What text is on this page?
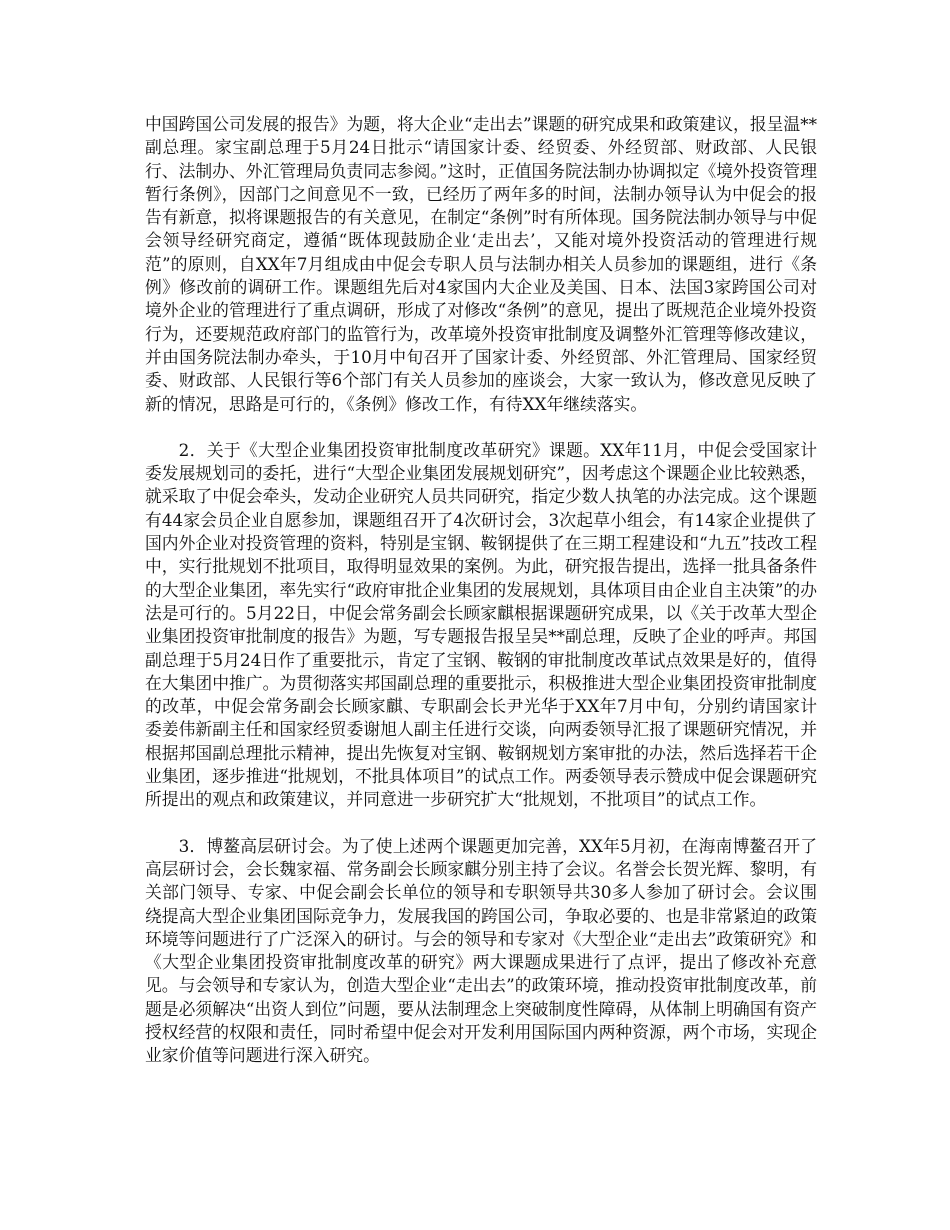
中国跨国公司发展的报告》为题，将大企业“走出去”课题的研究成果和政策建议，报呈温**副总理。家宝副总理于5月24日批示“请国家计委、经贸委、外经贸部、财政部、人民银行、法制办、外汇管理局负责同志参阅。”这时，正值国务院法制办协调拟定《境外投资管理暂行条例》，因部门之间意见不一致，已经历了两年多的时间，法制办领导认为中促会的报告有新意，拟将课题报告的有关意见，在制定“条例”时有所体现。国务院法制办领导与中促会领导经研究商定，遵循“既体现鼓励企业‘走出去’，又能对境外投资活动的管理进行规范”的原则，自XX年7月组成由中促会专职人员与法制办相关人员参加的课题组，进行《条例》修改前的调研工作。课题组先后对4家国内大企业及美国、日本、法国3家跨国公司对境外企业的管理进行了重点调研，形成了对修改“条例”的意见，提出了既规范企业境外投资行为，还要规范政府部门的监管行为，改革境外投资审批制度及调整外汇管理等修改建议，并由国务院法制办牵头，于10月中旬召开了国家计委、外经贸部、外汇管理局、国家经贸委、财政部、人民银行等6个部门有关人员参加的座谈会，大家一致认为，修改意见反映了新的情况，思路是可行的，《条例》修改工作，有待XX年继续落实。

2．关于《大型企业集团投资审批制度改革研究》课题。XX年11月，中促会受国家计委发展规划司的委托，进行“大型企业集团发展规划研究”，因考虑这个课题企业比较熟悉，就采取了中促会牵头，发动企业研究人员共同研究，指定少数人执笔的办法完成。这个课题有44家会员企业自愿参加，课题组召开了4次研讨会，3次起草小组会，有14家企业提供了国内外企业对投资管理的资料，特别是宝钢、鞍钢提供了在三期工程建设和“九五”技改工程中，实行批规划不批项目，取得明显效果的案例。为此，研究报告提出，选择一批具备条件的大型企业集团，率先实行“政府审批企业集团的发展规划，具体项目由企业自主决策”的办法是可行的。5月22日，中促会常务副会长顾家麒根据课题研究成果，以《关于改革大型企业集团投资审批制度的报告》为题，写专题报告报呈吴**副总理，反映了企业的呼声。邦国副总理于5月24日作了重要批示，肯定了宝钢、鞍钢的审批制度改革试点效果是好的，值得在大集团中推广。为贯彻落实邦国副总理的重要批示，积极推进大型企业集团投资审批制度的改革，中促会常务副会长顾家麒、专职副会长尹光华于XX年7月中旬，分别约请国家计委姜伟新副主任和国家经贸委谢旭人副主任进行交谈，向两委领导汇报了课题研究情况，并根据邦国副总理批示精神，提出先恢复对宝钢、鞍钢规划方案审批的办法，然后选择若干企业集团，逐步推进“批规划，不批具体项目”的试点工作。两委领导表示赞成中促会课题研究所提出的观点和政策建议，并同意进一步研究扩大“批规划，不批项目”的试点工作。

3．博鳌高层研讨会。为了使上述两个课题更加完善，XX年5月初，在海南博鳌召开了高层研讨会，会长魏家福、常务副会长顾家麒分别主持了会议。名誉会长贺光辉、黎明，有关部门领导、专家、中促会副会长单位的领导和专职领导共30多人参加了研讨会。会议围绕提高大型企业集团国际竞争力，发展我国的跨国公司，争取必要的、也是非常紧迫的政策环境等问题进行了广泛深入的研讨。与会的领导和专家对《大型企业“走出去”政策研究》和《大型企业集团投资审批制度改革的研究》两大课题成果进行了点评，提出了修改补充意见。与会领导和专家认为，创造大型企业“走出去”的政策环境，推动投资审批制度改革，前题是必须解决“出资人到位”问题，要从法制理念上突破制度性障碍，从体制上明确国有资产授权经营的权限和责任，同时希望中促会对开发利用国际国内两种资源，两个市场，实现企业家价值等问题进行深入研究。
